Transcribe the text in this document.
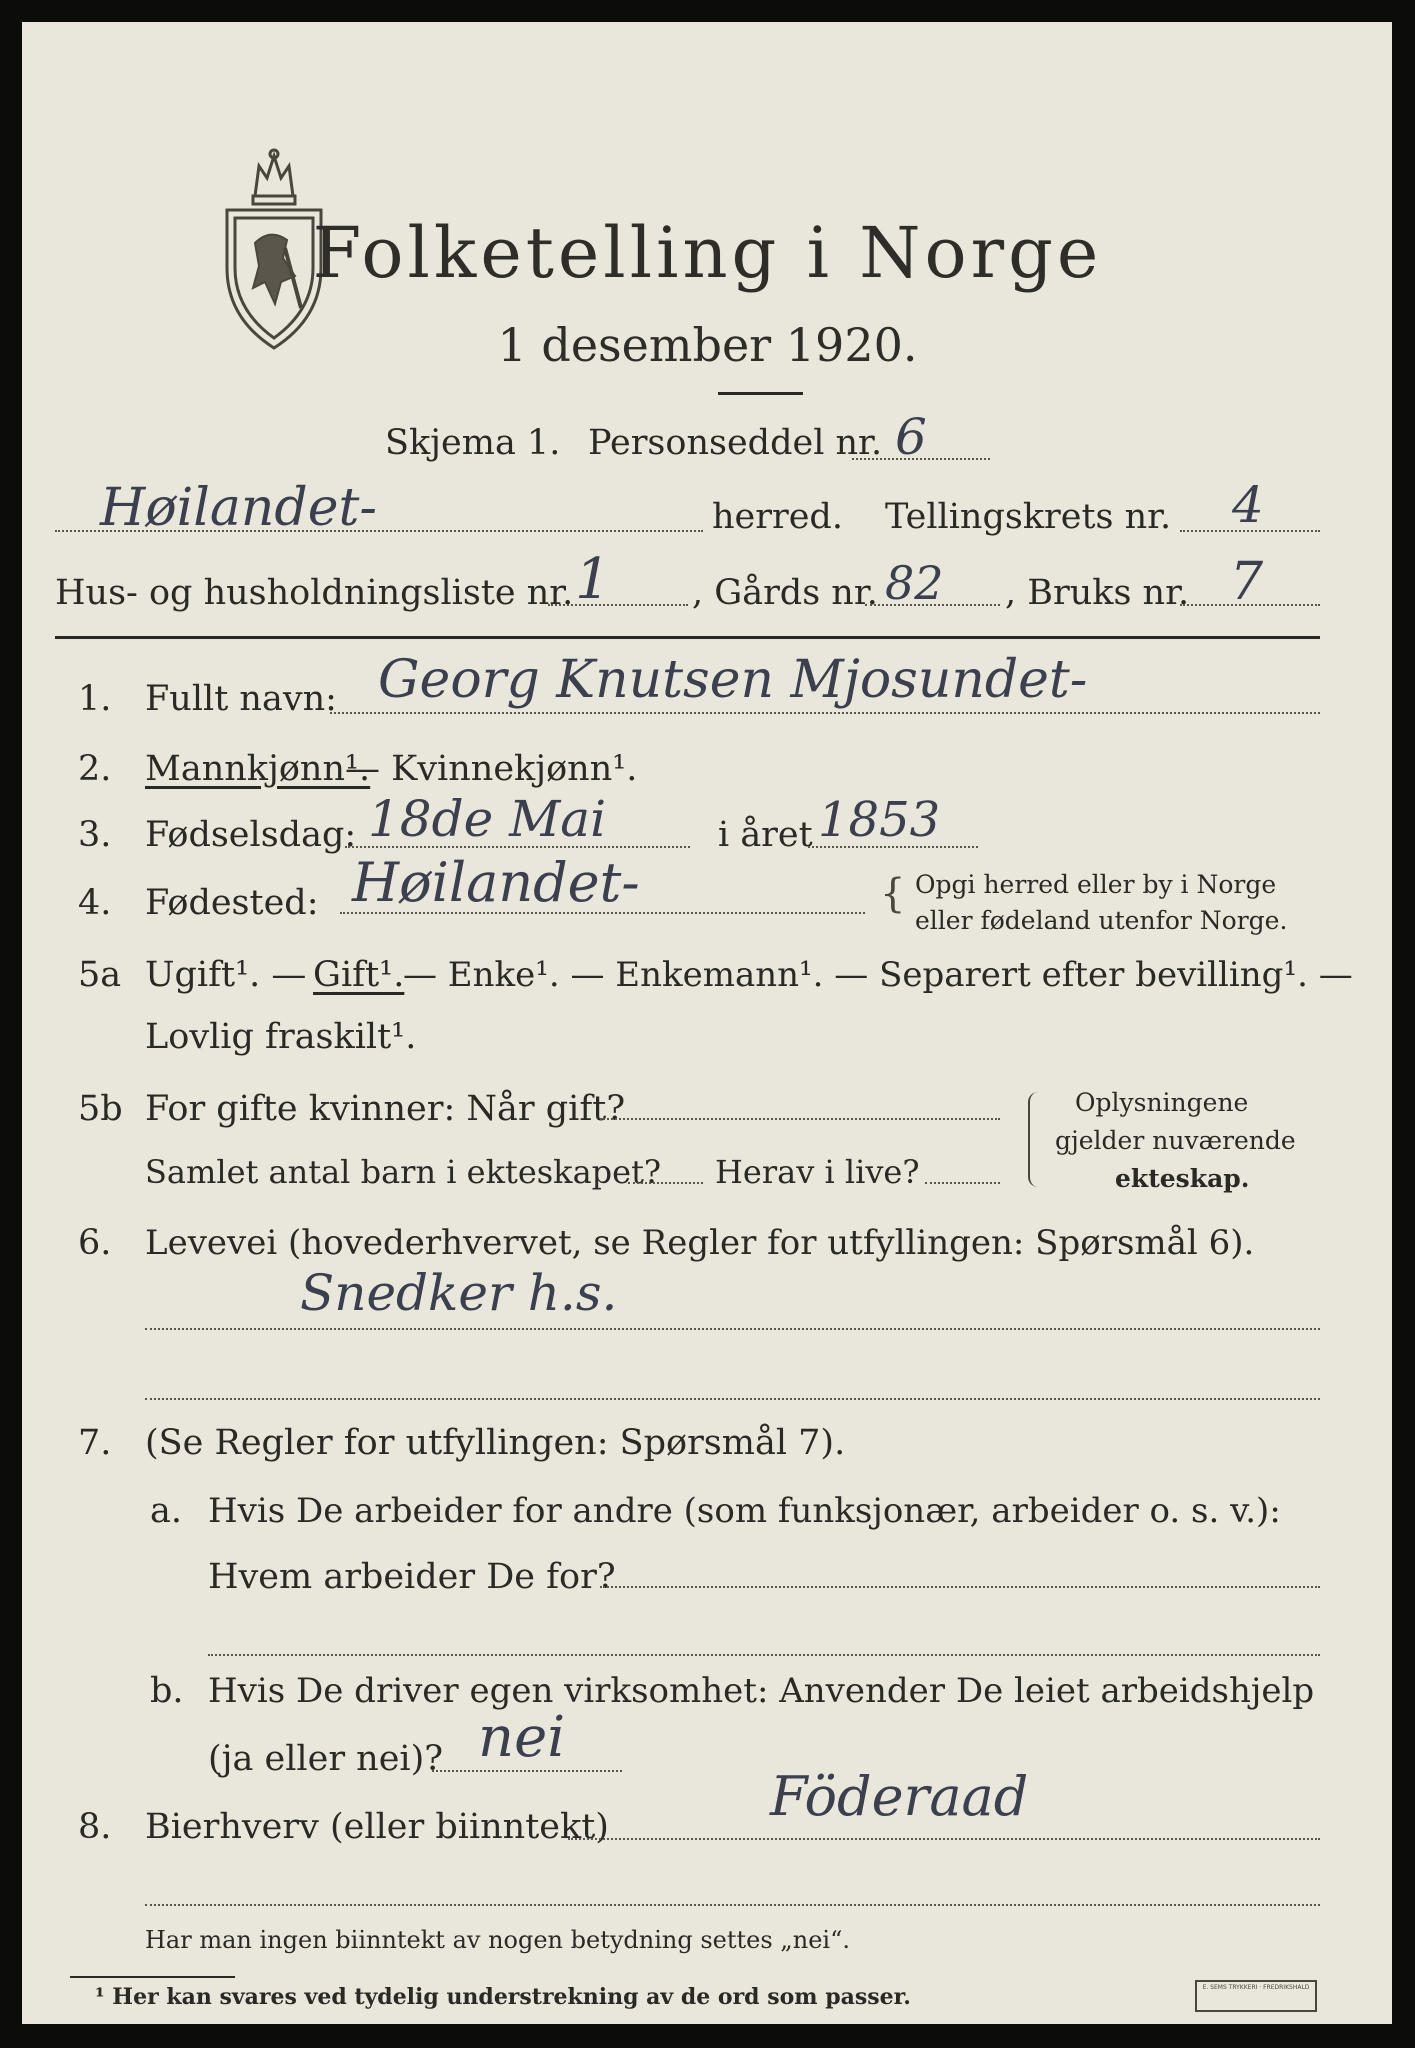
Folketelling i Norge
1 desember 1920.
Skjema 1. Personseddel nr. 6
Høilandet-	herred. Tellingskrets nr. 4
Hus- og husholdningsliste nr. 1 , Gårds nr. 82 , Bruks nr. 7
1. Fullt navn: Georg Knutsen Mjosundet-
2. Mannkjønn¹.
— Kvinnekjønn¹.
3. Fødselsdag: 18de Mai	i året 1853
4. Fødested: Høilandet-	{ Opgi herred eller by i Norge
eller fødeland utenfor Norge.
5a Ugift¹. — Gift¹.
— Enke¹. — Enkemann¹. — Separert efter bevilling¹. —
Lovlig fraskilt¹.
5b For gifte kvinner: Når gift?
Samlet antal barn i ekteskapet? Herav i live?
Oplysningene
gjelder nuværende
ekteskap.
6. Levevei (hovederhvervet, se Regler for utfyllingen: Spørsmål 6).
Snedker h.s.
7. (Se Regler for utfyllingen: Spørsmål 7).
a. Hvis De arbeider for andre (som funksjonær, arbeider o. s. v.):
Hvem arbeider De for?
b. Hvis De driver egen virksomhet: Anvender De leiet arbeidshjelp
(ja eller nei)? nei
8. Bierhverv (eller biinntekt)	Föderaad
Har man ingen biinntekt av nogen betydning settes „nei“.
¹ Her kan svares ved tydelig understrekning av de ord som passer.	E. SEMS TRYKKERI · FREDRIKSHALD
